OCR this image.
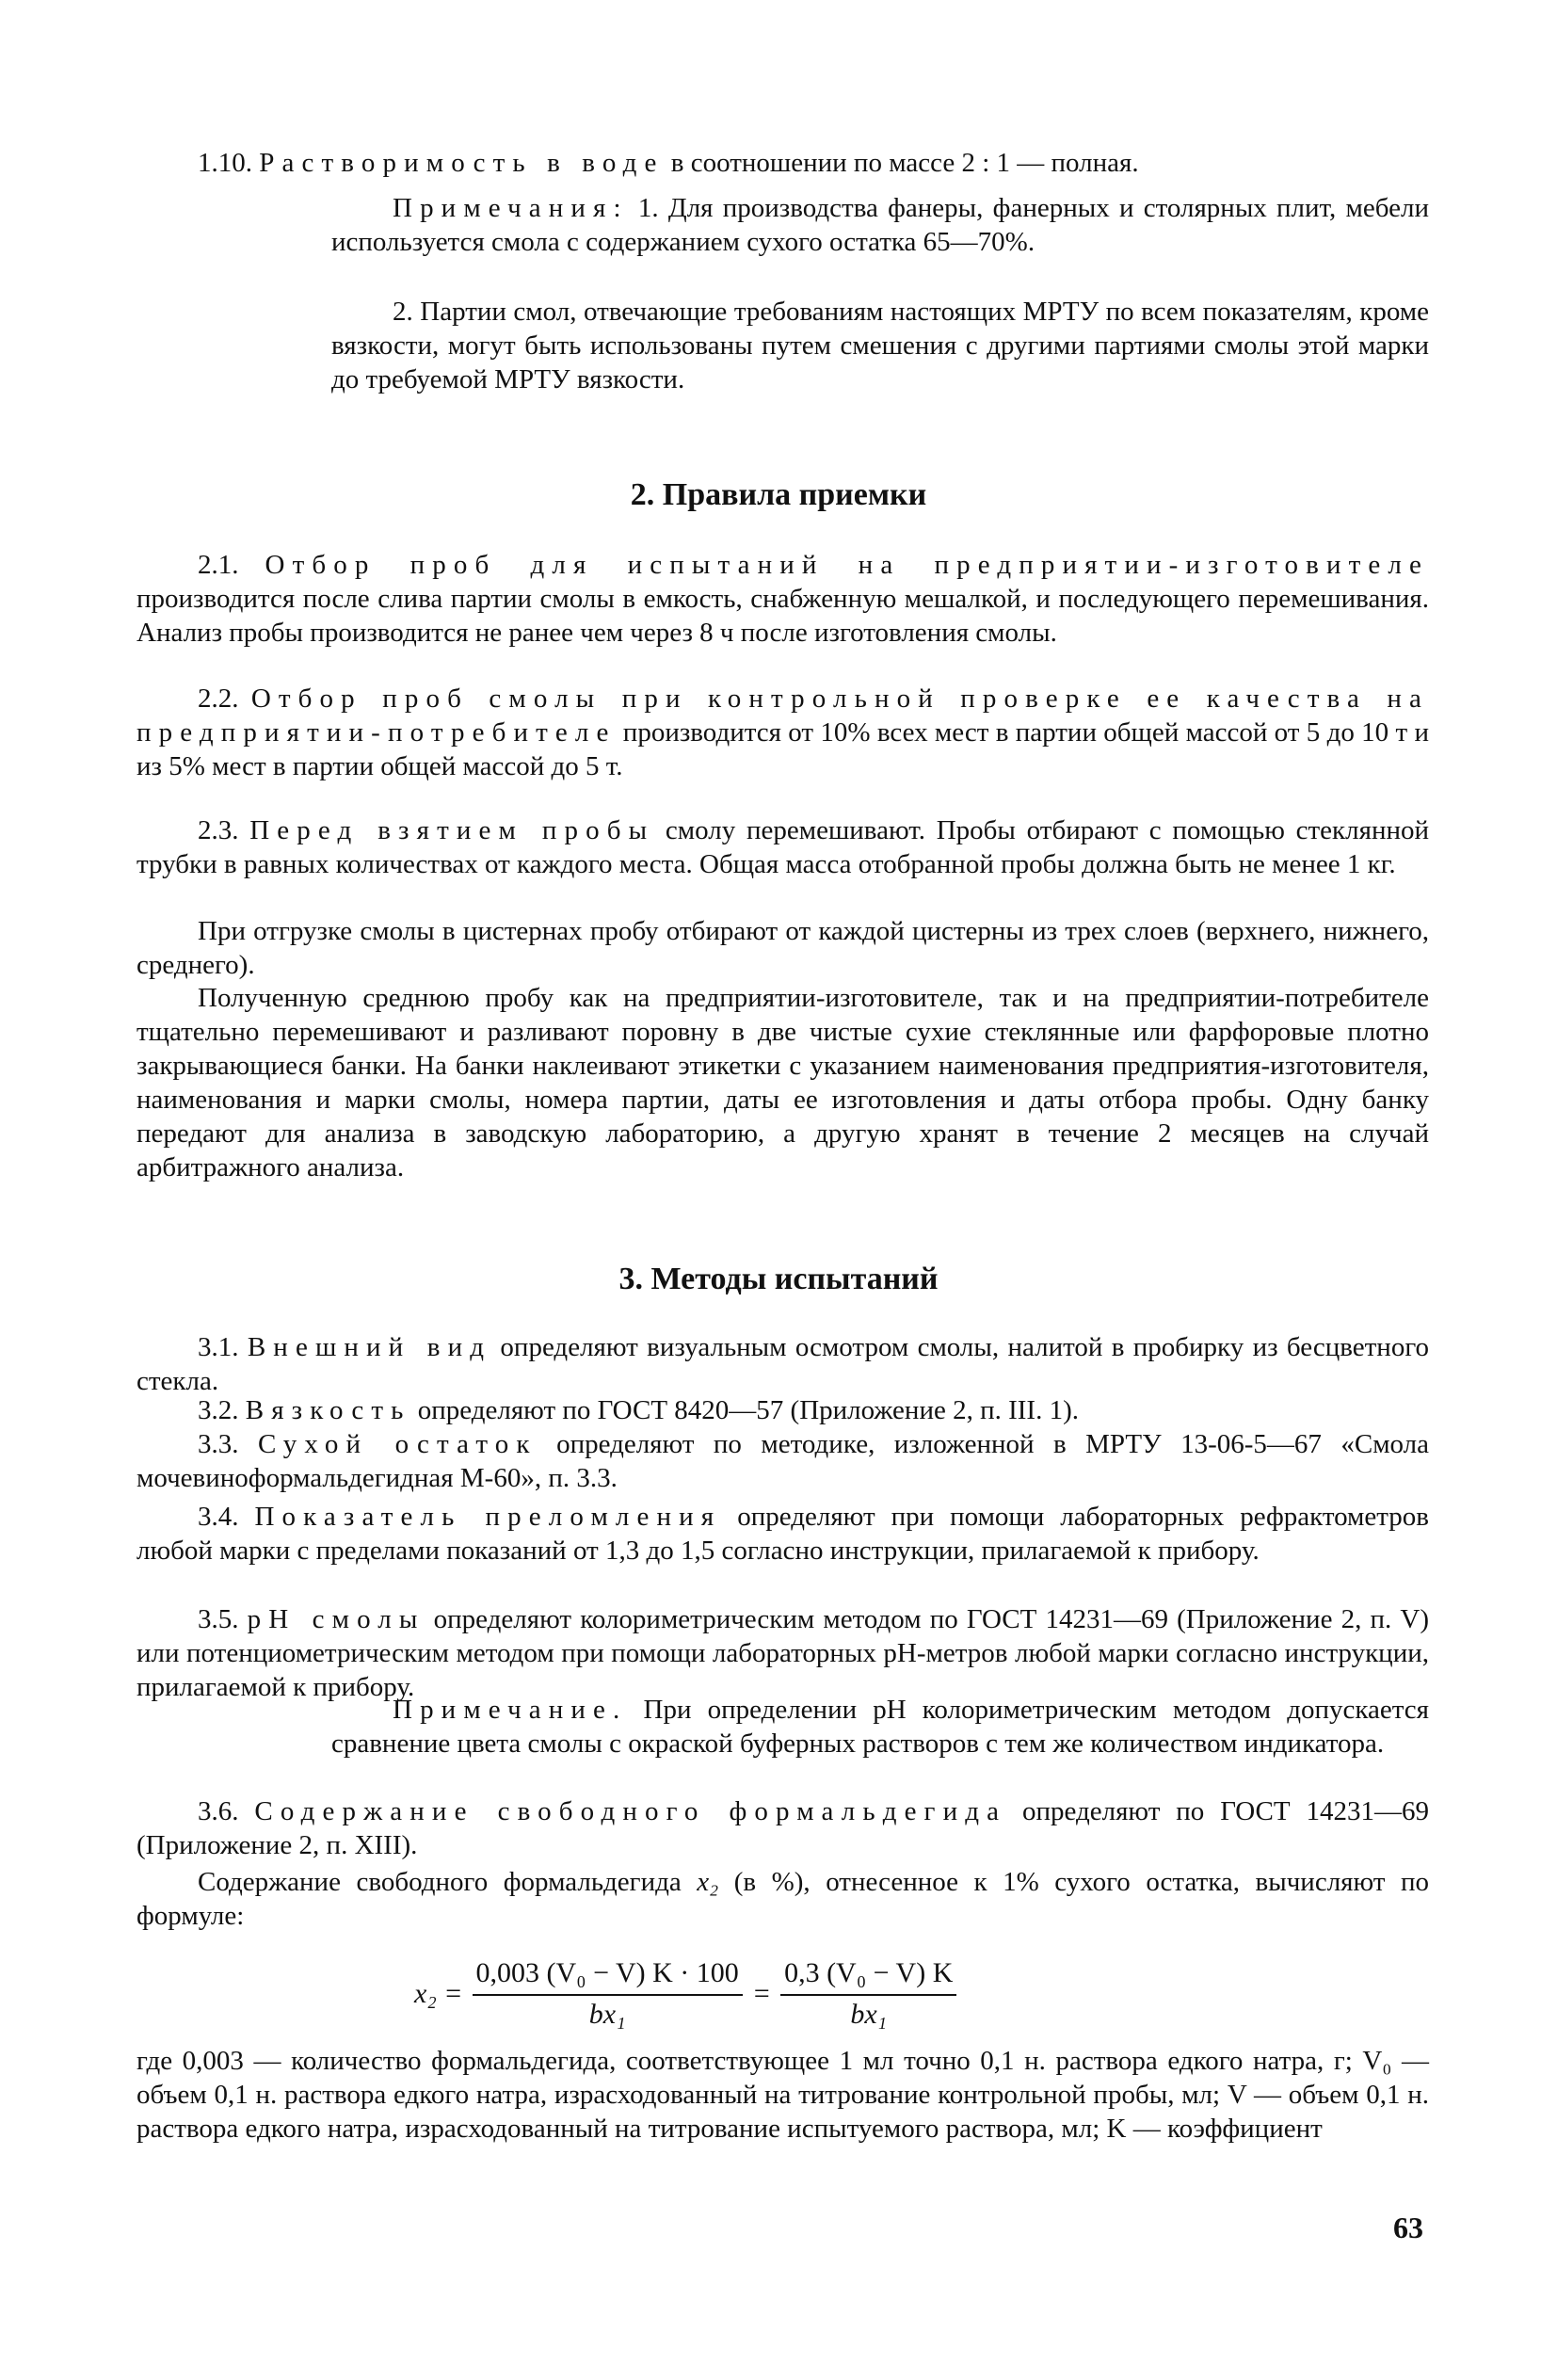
1.10. Растворимость в воде в соотношении по массе 2 : 1 — полная.
Примечания: 1. Для производства фанеры, фанерных и столярных плит, мебели используется смола с содержанием сухого остатка 65—70%.
2. Партии смол, отвечающие требованиям настоящих МРТУ по всем показателям, кроме вязкости, могут быть использованы путем смешения с другими партиями смолы этой марки до требуемой МРТУ вязкости.
2. Правила приемки
2.1. Отбор проб для испытаний на предприятии-изготовителе производится после слива партии смолы в емкость, снабженную мешалкой, и последующего перемешивания. Анализ пробы производится не ранее чем через 8 ч после изготовления смолы.
2.2. Отбор проб смолы при контрольной проверке ее качества на предприятии-потребителе производится от 10% всех мест в партии общей массой от 5 до 10 т и из 5% мест в партии общей массой до 5 т.
2.3. Перед взятием пробы смолу перемешивают. Пробы отбирают с помощью стеклянной трубки в равных количествах от каждого места. Общая масса отобранной пробы должна быть не менее 1 кг.
При отгрузке смолы в цистернах пробу отбирают от каждой цистерны из трех слоев (верхнего, нижнего, среднего).
Полученную среднюю пробу как на предприятии-изготовителе, так и на предприятии-потребителе тщательно перемешивают и разливают поровну в две чистые сухие стеклянные или фарфоровые плотно закрывающиеся банки. На банки наклеивают этикетки с указанием наименования предприятия-изготовителя, наименования и марки смолы, номера партии, даты ее изготовления и даты отбора пробы. Одну банку передают для анализа в заводскую лабораторию, а другую хранят в течение 2 месяцев на случай арбитражного анализа.
3. Методы испытаний
3.1. Внешний вид определяют визуальным осмотром смолы, налитой в пробирку из бесцветного стекла.
3.2. Вязкость определяют по ГОСТ 8420—57 (Приложение 2, п. III. 1).
3.3. Сухой остаток определяют по методике, изложенной в МРТУ 13-06-5—67 «Смола мочевиноформальдегидная М-60», п. 3.3.
3.4. Показатель преломления определяют при помощи лабораторных рефрактометров любой марки с пределами показаний от 1,3 до 1,5 согласно инструкции, прилагаемой к прибору.
3.5. pH смолы определяют колориметрическим методом по ГОСТ 14231—69 (Приложение 2, п. V) или потенциометрическим методом при помощи лабораторных pH-метров любой марки согласно инструкции, прилагаемой к прибору.
Примечание. При определении pH колориметрическим методом допускается сравнение цвета смолы с окраской буферных растворов с тем же количеством индикатора.
3.6. Содержание свободного формальдегида определяют по ГОСТ 14231—69 (Приложение 2, п. XIII).
Содержание свободного формальдегида x₂ (в %), отнесенное к 1% сухого остатка, вычисляют по формуле:
$x_2 = \frac{\text{0,003 (V₀ − V) K · 100}}{\text{bx₁}} = \frac{\text{0,3 (V₀ − V) K}}{\text{bx₁}}$
где 0,003 — количество формальдегида, соответствующее 1 мл точно 0,1 н. раствора едкого натра, г; V₀ — объем 0,1 н. раствора едкого натра, израсходованный на титрование контрольной пробы, мл; V — объем 0,1 н. раствора едкого натра, израсходованный на титрование испытуемого раствора, мл; K — коэффициент
63
